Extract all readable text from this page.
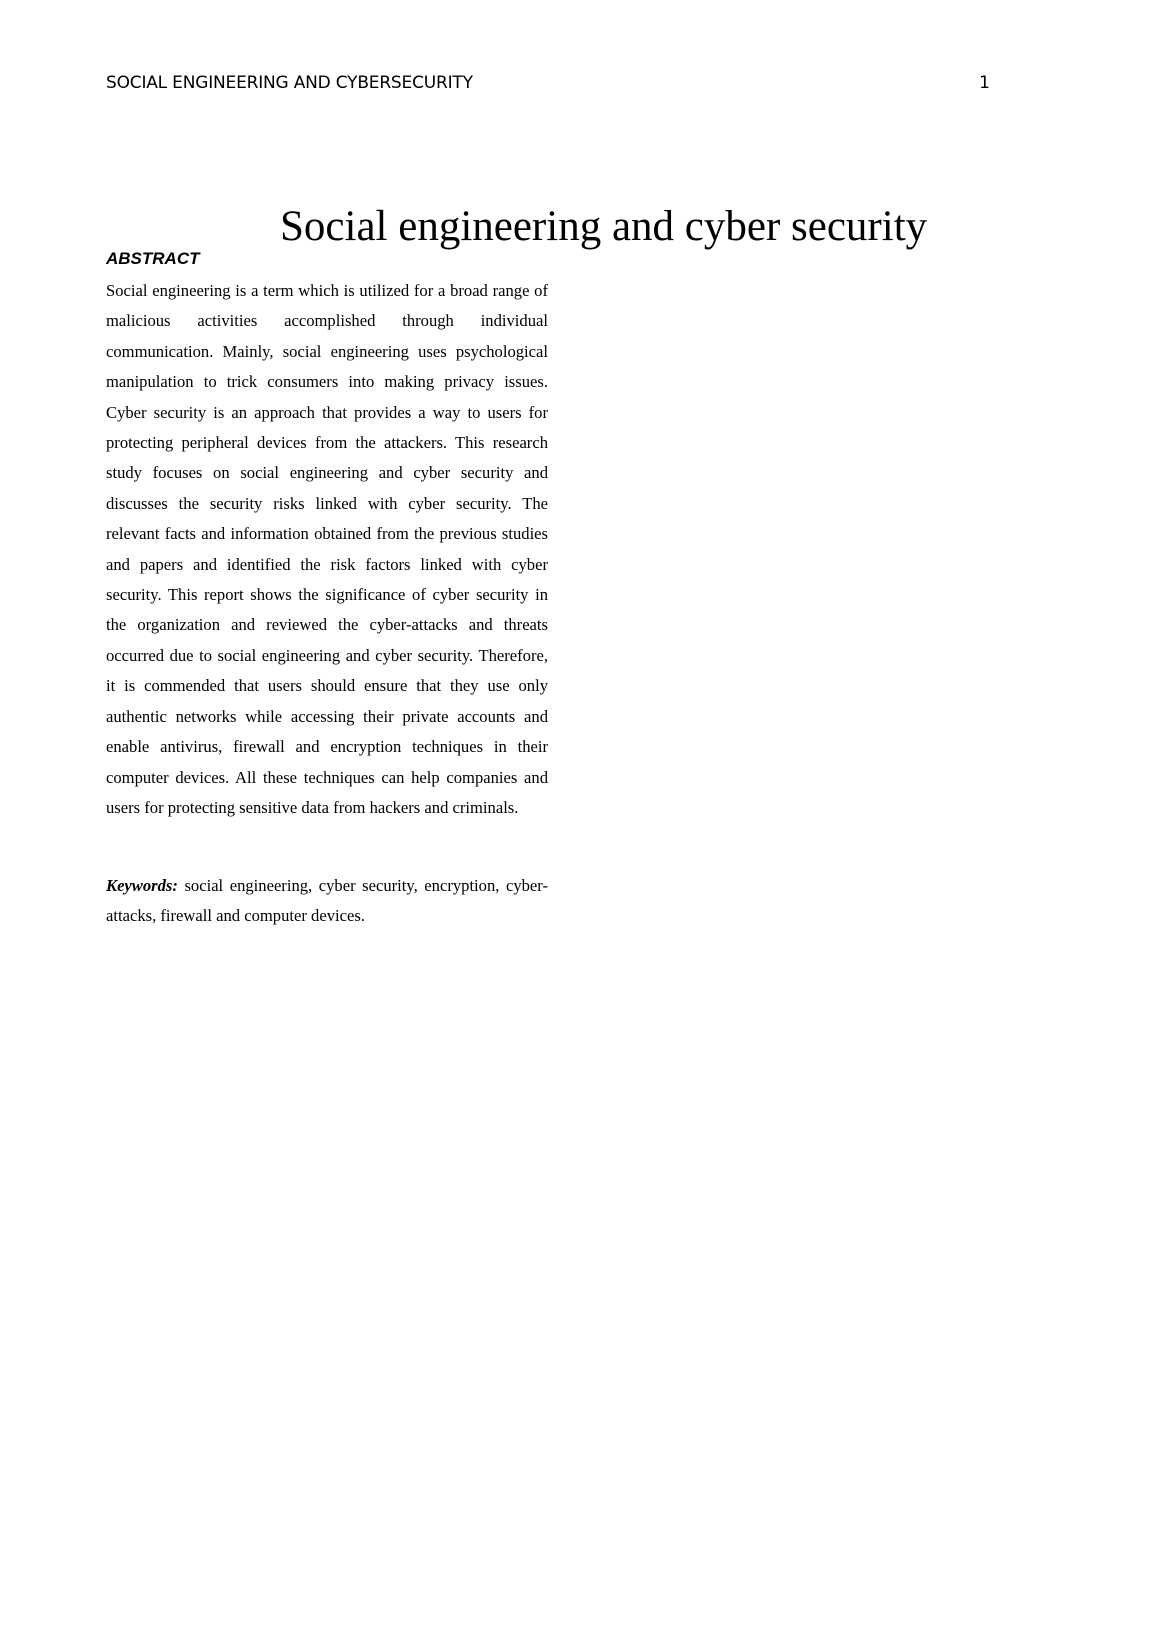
SOCIAL ENGINEERING AND CYBERSECURITY	1
Social engineering and cyber security
ABSTRACT

Social engineering is a term which is utilized for a broad range of malicious activities accomplished through individual communication. Mainly, social engineering uses psychological manipulation to trick consumers into making privacy issues. Cyber security is an approach that provides a way to users for protecting peripheral devices from the attackers. This research study focuses on social engineering and cyber security and discusses the security risks linked with cyber security. The relevant facts and information obtained from the previous studies and papers and identified the risk factors linked with cyber security. This report shows the significance of cyber security in the organization and reviewed the cyber-attacks and threats occurred due to social engineering and cyber security. Therefore, it is commended that users should ensure that they use only authentic networks while accessing their private accounts and enable antivirus, firewall and encryption techniques in their computer devices. All these techniques can help companies and users for protecting sensitive data from hackers and criminals.

Keywords: social engineering, cyber security, encryption, cyber-attacks, firewall and computer devices.
